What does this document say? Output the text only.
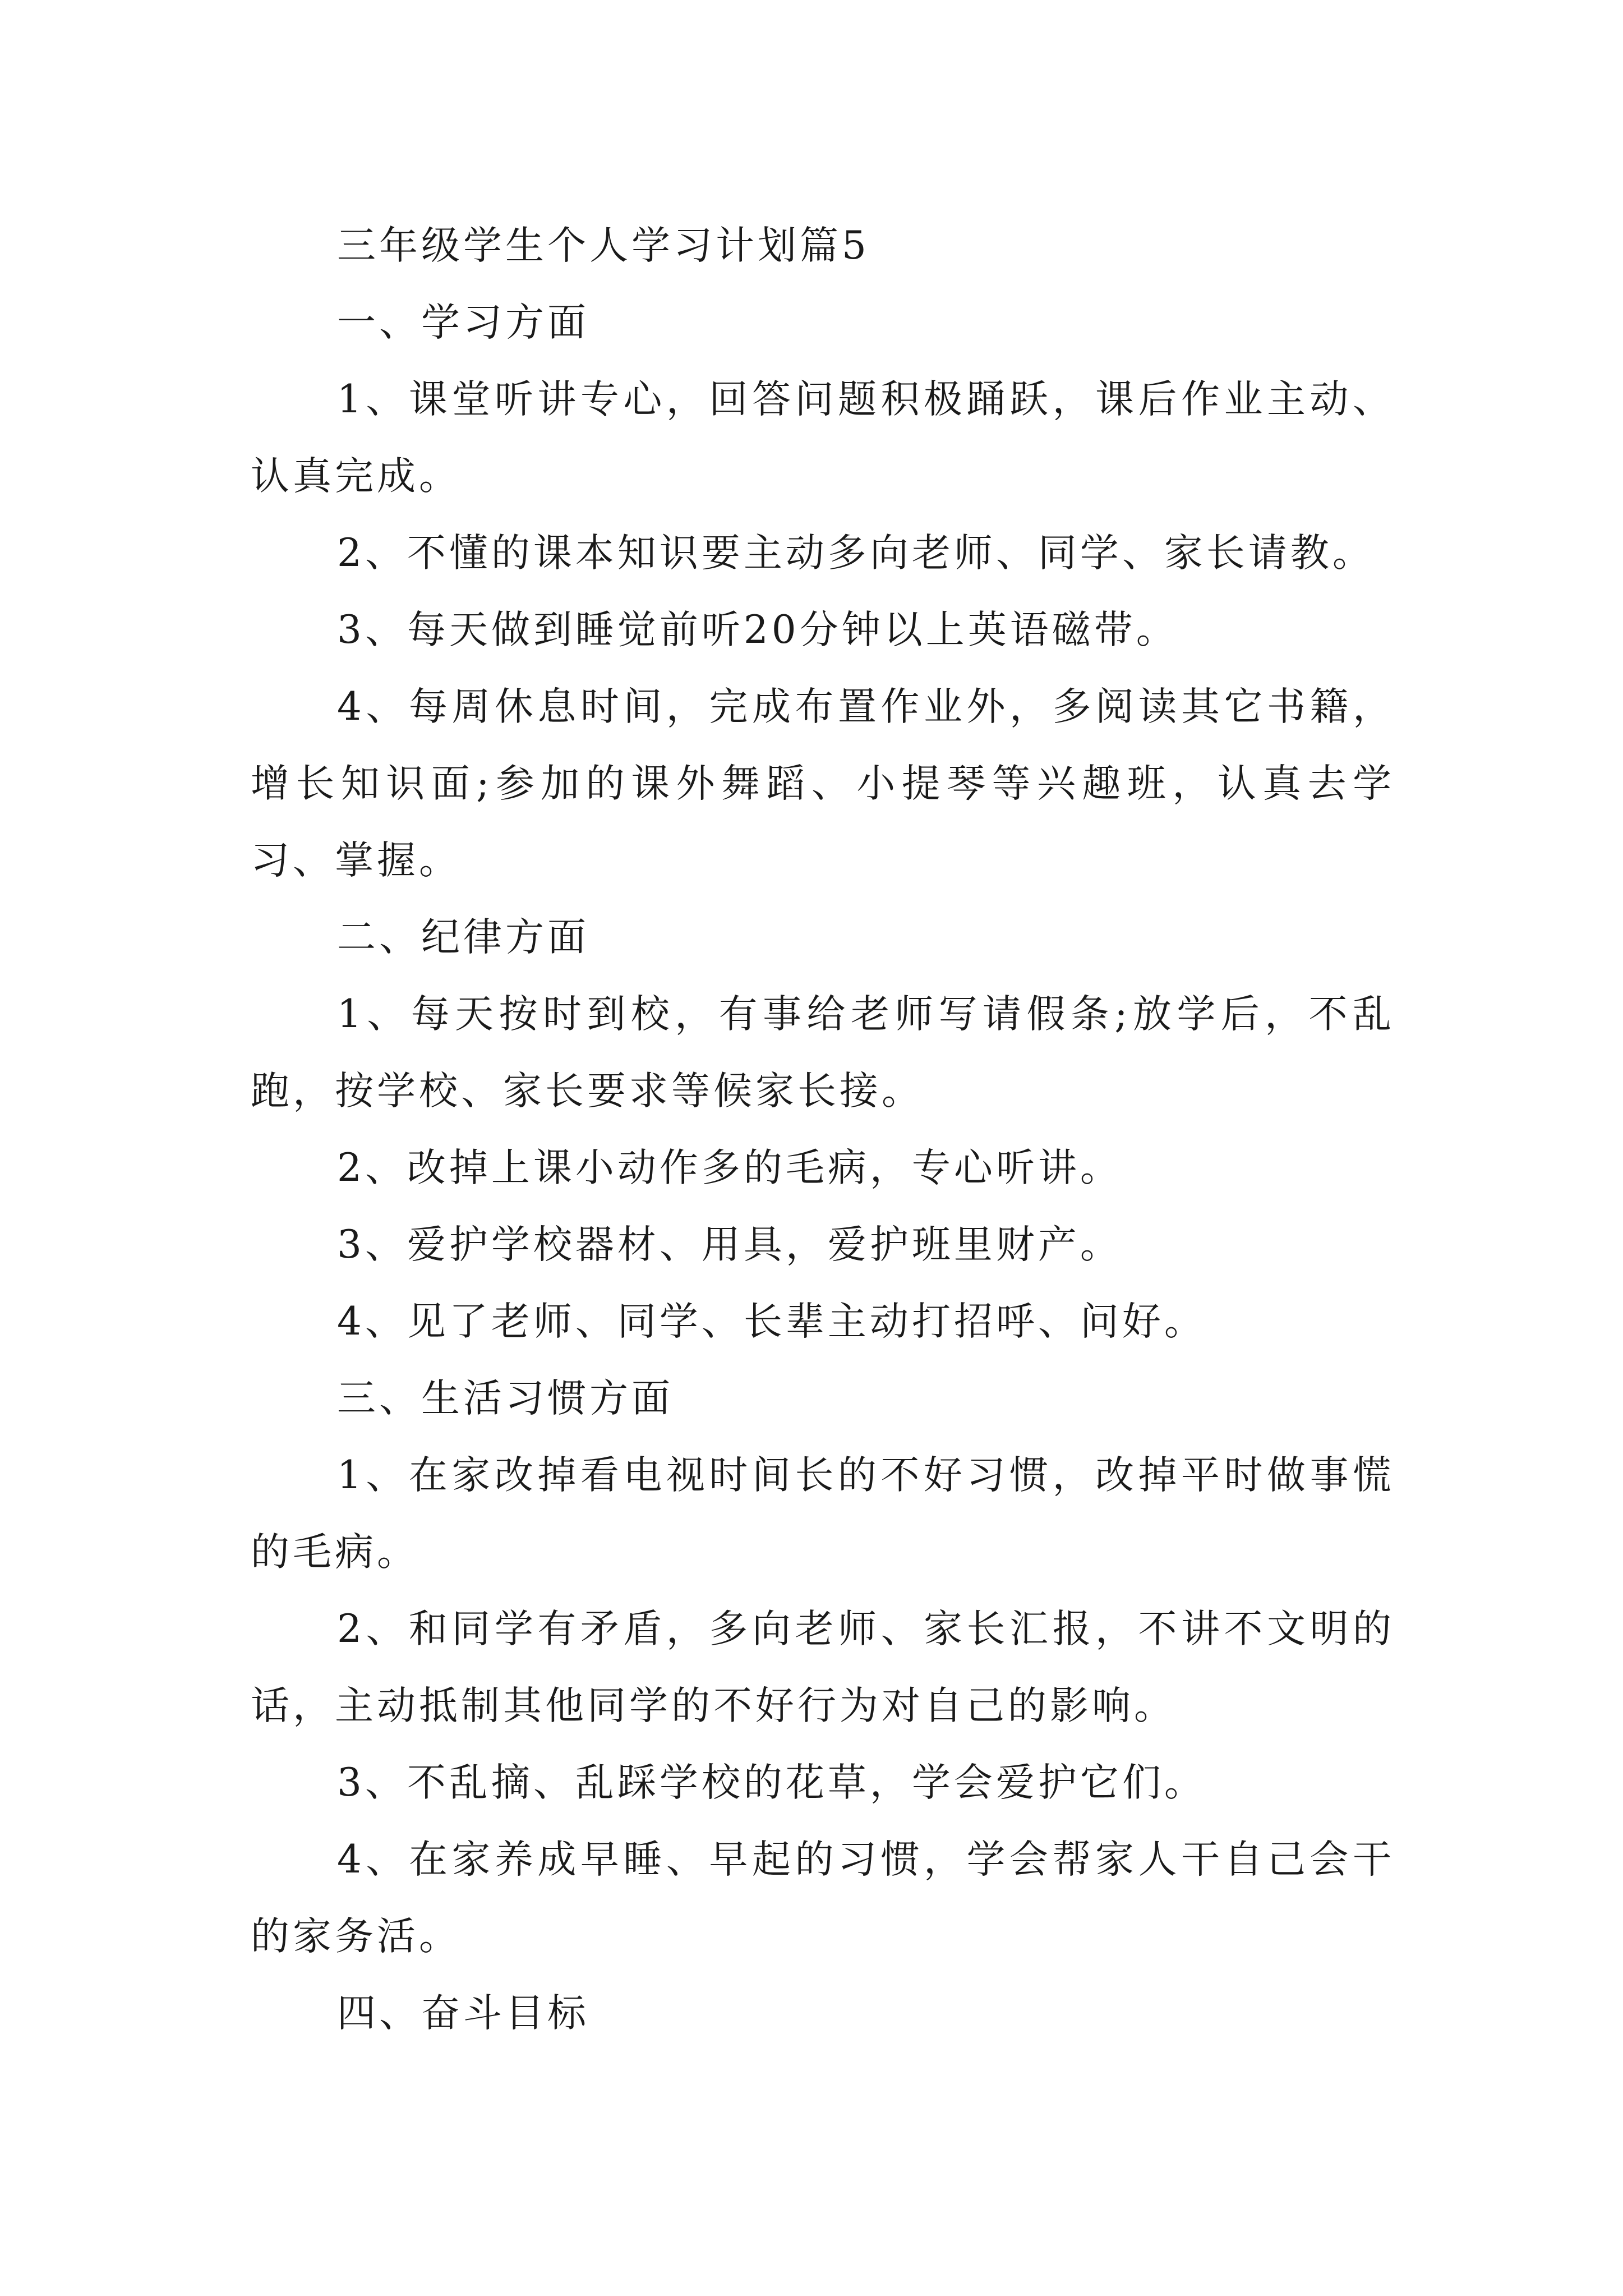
三年级学生个人学习计划篇5

一、学习方面

1、课堂听讲专心，回答问题积极踊跃，课后作业主动、认真完成。

2、不懂的课本知识要主动多向老师、同学、家长请教。

3、每天做到睡觉前听20分钟以上英语磁带。

4、每周休息时间，完成布置作业外，多阅读其它书籍，增长知识面;参加的课外舞蹈、小提琴等兴趣班，认真去学习、掌握。

二、纪律方面

1、每天按时到校，有事给老师写请假条;放学后，不乱跑，按学校、家长要求等候家长接。

2、改掉上课小动作多的毛病，专心听讲。

3、爱护学校器材、用具，爱护班里财产。

4、见了老师、同学、长辈主动打招呼、问好。

三、生活习惯方面

1、在家改掉看电视时间长的不好习惯，改掉平时做事慌的毛病。

2、和同学有矛盾，多向老师、家长汇报，不讲不文明的话，主动抵制其他同学的不好行为对自己的影响。

3、不乱摘、乱踩学校的花草，学会爱护它们。

4、在家养成早睡、早起的习惯，学会帮家人干自己会干的家务活。

四、奋斗目标
